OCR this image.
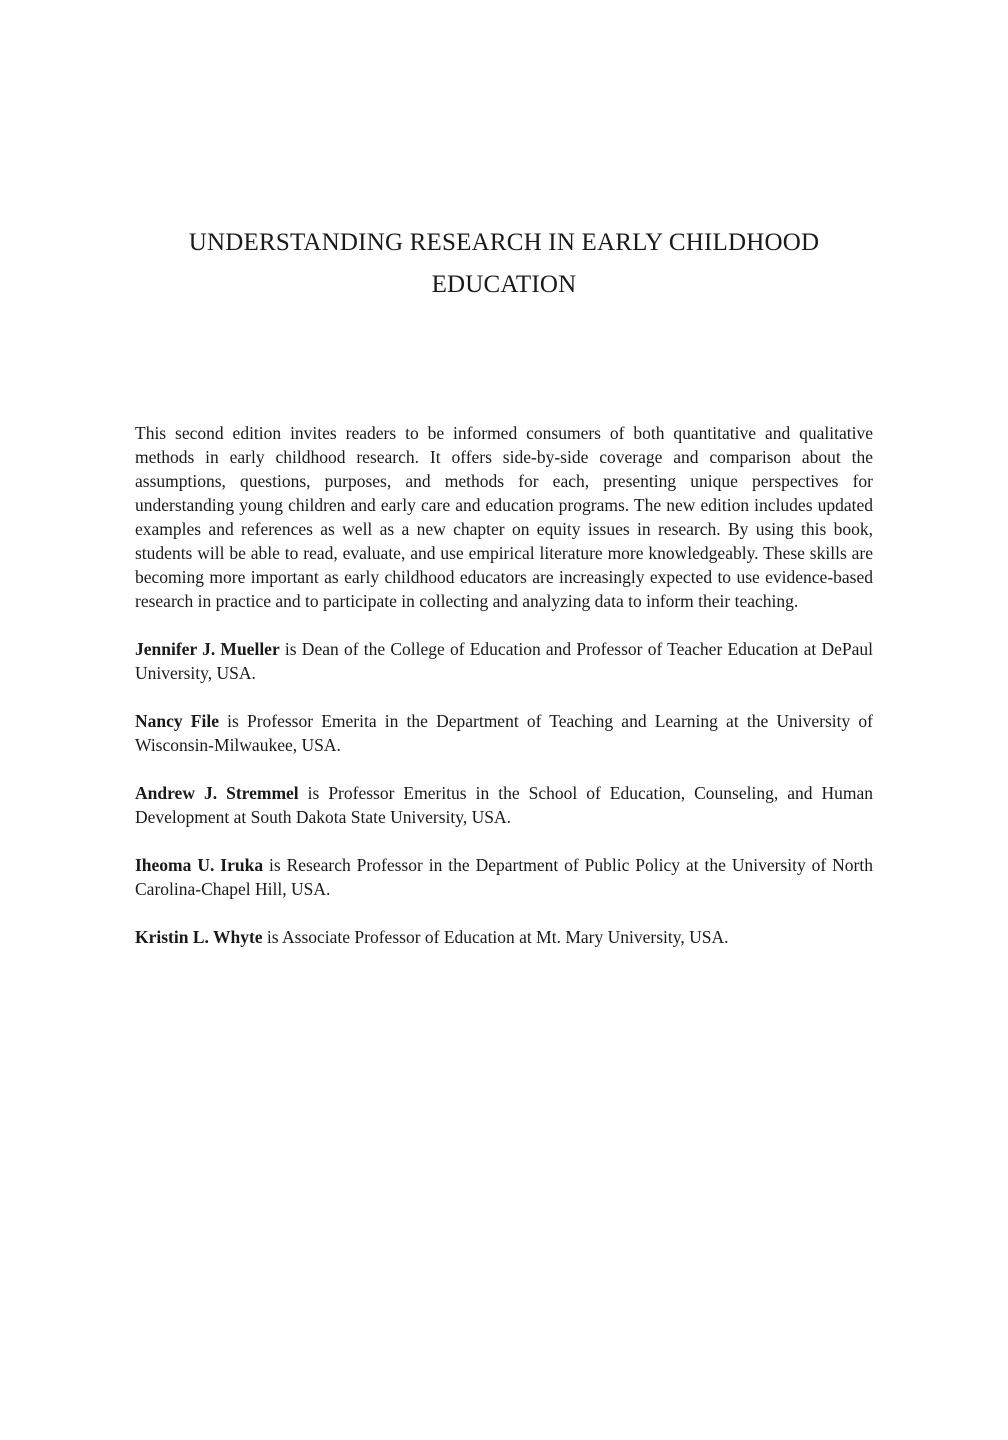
UNDERSTANDING RESEARCH IN EARLY CHILDHOOD
EDUCATION

This second edition invites readers to be informed consumers of both quantitative and qualitative methods in early childhood research. It offers side-by-side coverage and comparison about the assumptions, questions, purposes, and methods for each, presenting unique perspectives for understanding young children and early care and education programs. The new edition includes updated examples and references as well as a new chapter on equity issues in research. By using this book, students will be able to read, evaluate, and use empirical literature more knowledgeably. These skills are becoming more important as early childhood educators are increasingly expected to use evidence-based research in practice and to participate in collecting and analyzing data to inform their teaching.

Jennifer J. Mueller is Dean of the College of Education and Professor of Teacher Education at DePaul University, USA.

Nancy File is Professor Emerita in the Department of Teaching and Learning at the University of Wisconsin-Milwaukee, USA.

Andrew J. Stremmel is Professor Emeritus in the School of Education, Counseling, and Human Development at South Dakota State University, USA.

Iheoma U. Iruka is Research Professor in the Department of Public Policy at the University of North Carolina-Chapel Hill, USA.

Kristin L. Whyte is Associate Professor of Education at Mt. Mary University, USA.
